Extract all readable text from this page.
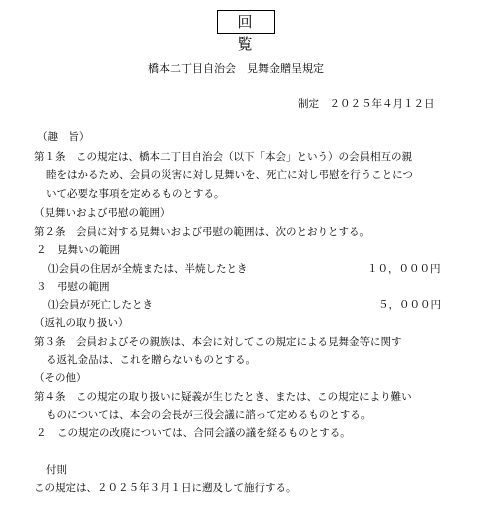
回　覧
橋本二丁目自治会　見舞金贈呈規定
制定　２０２５年４月１２日
（趣　旨）
第１条　この規定は、橋本二丁目自治会（以下「本会」という）の会員相互の親
睦をはかるため、会員の災害に対し見舞いを、死亡に対し弔慰を行うことにつ
いて必要な事項を定めるものとする。
（見舞いおよび弔慰の範囲）
第２条　会員に対する見舞いおよび弔慰の範囲は、次のとおりとする。
２　見舞いの範囲
⑴会員の住居が全焼または、半焼したとき	１０，０００円
３　弔慰の範囲
⑴会員が死亡したとき	５，０００円
（返礼の取り扱い）
第３条　会員およびその親族は、本会に対してこの規定による見舞金等に関す
る返礼金品は、これを贈らないものとする。
（その他）
第４条　この規定の取り扱いに疑義が生じたとき、または、この規定により難い
ものについては、本会の会長が三役会議に諮って定めるものとする。
２　この規定の改廃については、合同会議の議を経るものとする。
付則
この規定は、２０２５年３月１日に遡及して施行する。
